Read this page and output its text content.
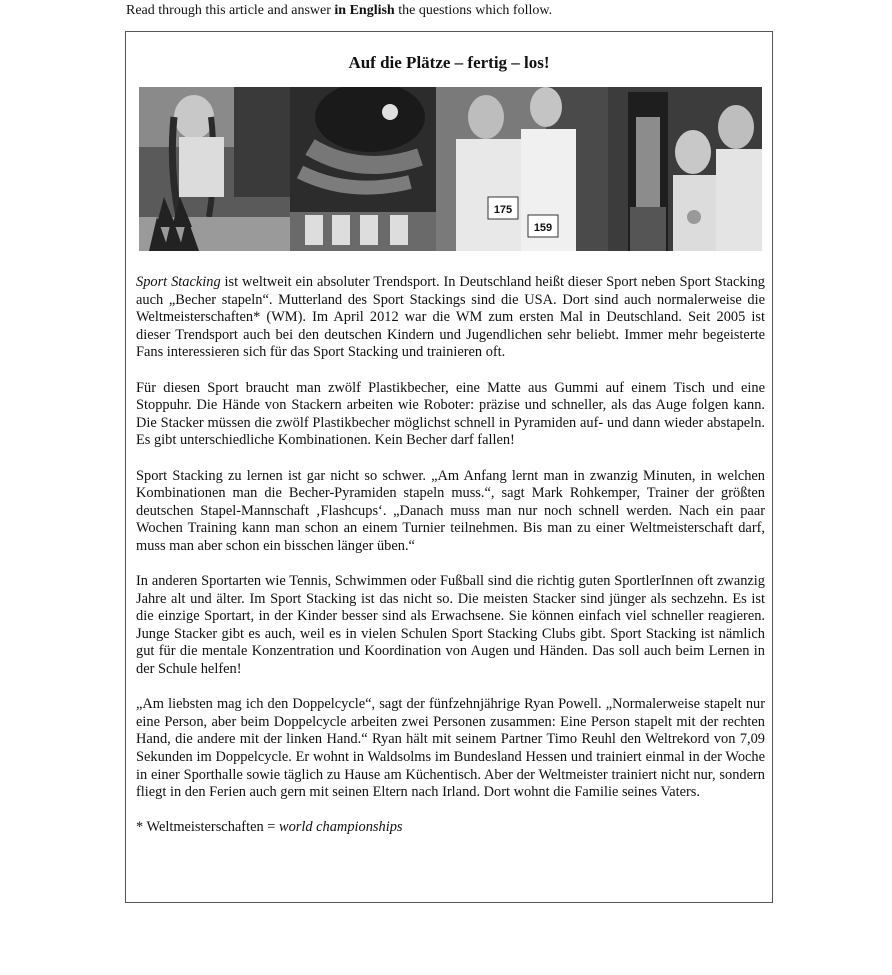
Read through this article and answer in English the questions which follow.
Auf die Plätze – fertig – los!
175
159

Sport Stacking ist weltweit ein absoluter Trendsport. In Deutschland heißt dieser Sport neben Sport Stacking auch „Becher stapeln“. Mutterland des Sport Stackings sind die USA. Dort sind auch normalerweise die Weltmeisterschaften* (WM). Im April 2012 war die WM zum ersten Mal in Deutschland. Seit 2005 ist dieser Trendsport auch bei den deutschen Kindern und Jugendlichen sehr beliebt. Immer mehr begeisterte Fans interessieren sich für das Sport Stacking und trainieren oft.

Für diesen Sport braucht man zwölf Plastikbecher, eine Matte aus Gummi auf einem Tisch und eine Stoppuhr. Die Hände von Stackern arbeiten wie Roboter: präzise und schneller, als das Auge folgen kann. Die Stacker müssen die zwölf Plastikbecher möglichst schnell in Pyramiden auf- und dann wieder abstapeln. Es gibt unterschiedliche Kombinationen. Kein Becher darf fallen!

Sport Stacking zu lernen ist gar nicht so schwer. „Am Anfang lernt man in zwanzig Minuten, in welchen Kombinationen man die Becher-Pyramiden stapeln muss.“, sagt Mark Rohkemper, Trainer der größten deutschen Stapel-Mannschaft ‚Flashcups‘. „Danach muss man nur noch schnell werden. Nach ein paar Wochen Training kann man schon an einem Turnier teilnehmen. Bis man zu einer Weltmeisterschaft darf, muss man aber schon ein bisschen länger üben.“

In anderen Sportarten wie Tennis, Schwimmen oder Fußball sind die richtig guten SportlerInnen oft zwanzig Jahre alt und älter. Im Sport Stacking ist das nicht so. Die meisten Stacker sind jünger als sechzehn. Es ist die einzige Sportart, in der Kinder besser sind als Erwachsene. Sie können einfach viel schneller reagieren. Junge Stacker gibt es auch, weil es in vielen Schulen Sport Stacking Clubs gibt. Sport Stacking ist nämlich gut für die mentale Konzentration und Koordination von Augen und Händen. Das soll auch beim Lernen in der Schule helfen!

„Am liebsten mag ich den Doppelcycle“, sagt der fünfzehnjährige Ryan Powell. „Normalerweise stapelt nur eine Person, aber beim Doppelcycle arbeiten zwei Personen zusammen: Eine Person stapelt mit der rechten Hand, die andere mit der linken Hand.“ Ryan hält mit seinem Partner Timo Reuhl den Weltrekord von 7,09 Sekunden im Doppelcycle. Er wohnt in Waldsolms im Bundesland Hessen und trainiert einmal in der Woche in einer Sporthalle sowie täglich zu Hause am Küchentisch. Aber der Weltmeister trainiert nicht nur, sondern fliegt in den Ferien auch gern mit seinen Eltern nach Irland. Dort wohnt die Familie seines Vaters.

* Weltmeisterschaften = world championships
